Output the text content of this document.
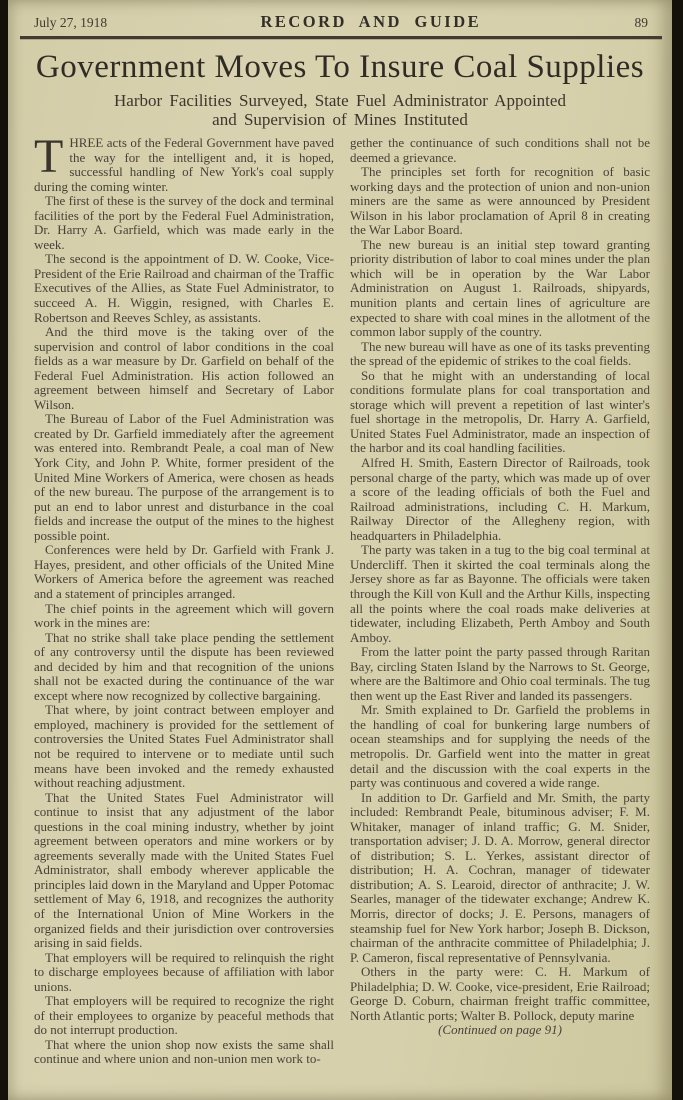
July 27, 1918	RECORD AND GUIDE	89
Government Moves To Insure Coal Supplies
Harbor Facilities Surveyed, State Fuel Administrator Appointed
and Supervision of Mines Instituted

THREE acts of the Federal Government have paved the way for the intelligent and, it is hoped, successful handling of New York's coal supply during the coming winter.

The first of these is the survey of the dock and terminal facilities of the port by the Federal Fuel Administration, Dr. Harry A. Garfield, which was made early in the week.

The second is the appointment of D. W. Cooke, Vice-President of the Erie Railroad and chairman of the Traffic Executives of the Allies, as State Fuel Administrator, to succeed A. H. Wiggin, resigned, with Charles E. Robertson and Reeves Schley, as assistants.

And the third move is the taking over of the supervision and control of labor conditions in the coal fields as a war measure by Dr. Garfield on behalf of the Federal Fuel Administration. His action followed an agreement between himself and Secretary of Labor Wilson.

The Bureau of Labor of the Fuel Administration was created by Dr. Garfield immediately after the agreement was entered into. Rembrandt Peale, a coal man of New York City, and John P. White, former president of the United Mine Workers of America, were chosen as heads of the new bureau. The purpose of the arrangement is to put an end to labor unrest and disturbance in the coal fields and increase the output of the mines to the highest possible point.

Conferences were held by Dr. Garfield with Frank J. Hayes, president, and other officials of the United Mine Workers of America before the agreement was reached and a statement of principles arranged.

The chief points in the agreement which will govern work in the mines are:

That no strike shall take place pending the settlement of any controversy until the dispute has been reviewed and decided by him and that recognition of the unions shall not be exacted during the continuance of the war except where now recognized by collective bargaining.

That where, by joint contract between employer and employed, machinery is provided for the settlement of controversies the United States Fuel Administrator shall not be required to intervene or to mediate until such means have been invoked and the remedy exhausted without reaching adjustment.

That the United States Fuel Administrator will continue to insist that any adjustment of the labor questions in the coal mining industry, whether by joint agreement between operators and mine workers or by agreements severally made with the United States Fuel Administrator, shall embody wherever applicable the principles laid down in the Maryland and Upper Potomac settlement of May 6, 1918, and recognizes the authority of the International Union of Mine Workers in the organized fields and their jurisdiction over controversies arising in said fields.

That employers will be required to relinquish the right to discharge employees because of affiliation with labor unions.

That employers will be required to recognize the right of their employees to organize by peaceful methods that do not interrupt production.

That where the union shop now exists the same shall continue and where union and non-union men work to-

gether the continuance of such conditions shall not be deemed a grievance.

The principles set forth for recognition of basic working days and the protection of union and non-union miners are the same as were announced by President Wilson in his labor proclamation of April 8 in creating the War Labor Board.

The new bureau is an initial step toward granting priority distribution of labor to coal mines under the plan which will be in operation by the War Labor Administration on August 1. Railroads, shipyards, munition plants and certain lines of agriculture are expected to share with coal mines in the allotment of the common labor supply of the country.

The new bureau will have as one of its tasks preventing the spread of the epidemic of strikes to the coal fields.

So that he might with an understanding of local conditions formulate plans for coal transportation and storage which will prevent a repetition of last winter's fuel shortage in the metropolis, Dr. Harry A. Garfield, United States Fuel Administrator, made an inspection of the harbor and its coal handling facilities.

Alfred H. Smith, Eastern Director of Railroads, took personal charge of the party, which was made up of over a score of the leading officials of both the Fuel and Railroad administrations, including C. H. Markum, Railway Director of the Allegheny region, with headquarters in Philadelphia.

The party was taken in a tug to the big coal terminal at Undercliff. Then it skirted the coal terminals along the Jersey shore as far as Bayonne. The officials were taken through the Kill von Kull and the Arthur Kills, inspecting all the points where the coal roads make deliveries at tidewater, including Elizabeth, Perth Amboy and South Amboy.

From the latter point the party passed through Raritan Bay, circling Staten Island by the Narrows to St. George, where are the Baltimore and Ohio coal terminals. The tug then went up the East River and landed its passengers.

Mr. Smith explained to Dr. Garfield the problems in the handling of coal for bunkering large numbers of ocean steamships and for supplying the needs of the metropolis. Dr. Garfield went into the matter in great detail and the discussion with the coal experts in the party was continuous and covered a wide range.

In addition to Dr. Garfield and Mr. Smith, the party included: Rembrandt Peale, bituminous adviser; F. M. Whitaker, manager of inland traffic; G. M. Snider, transportation adviser; J. D. A. Morrow, general director of distribution; S. L. Yerkes, assistant director of distribution; H. A. Cochran, manager of tidewater distribution; A. S. Learoid, director of anthracite; J. W. Searles, manager of the tidewater exchange; Andrew K. Morris, director of docks; J. E. Persons, managers of steamship fuel for New York harbor; Joseph B. Dickson, chairman of the anthracite committee of Philadelphia; J. P. Cameron, fiscal representative of Pennsylvania.

Others in the party were: C. H. Markum of Philadelphia; D. W. Cooke, vice-president, Erie Railroad; George D. Coburn, chairman freight traffic committee, North Atlantic ports; Walter B. Pollock, deputy marine

(Continued on page 91)
